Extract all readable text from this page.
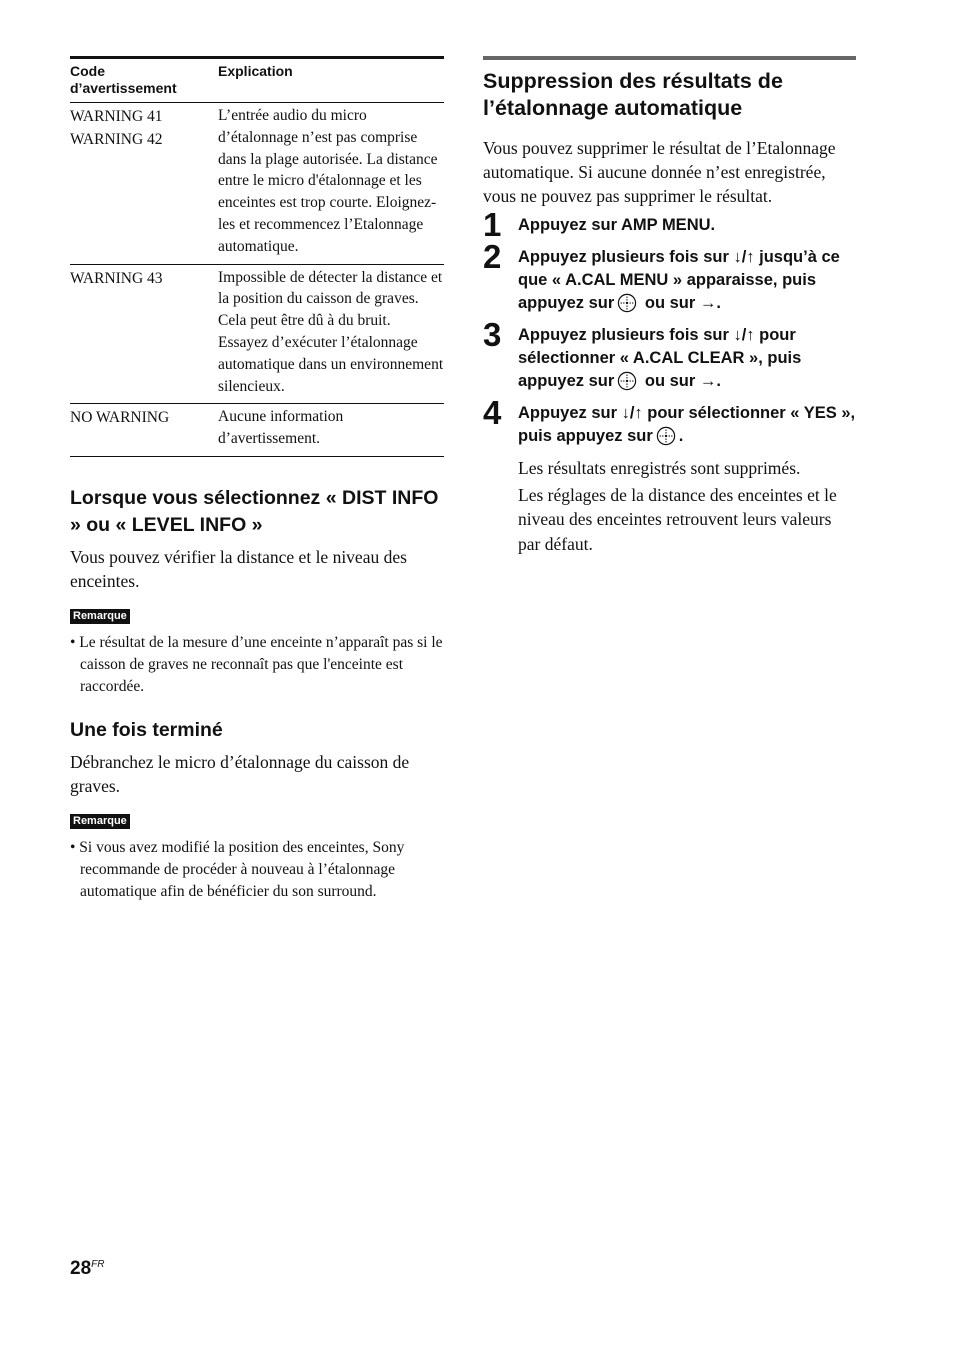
Code
d’avertissement	Explication

WARNING 41
WARNING 42	L’entrée audio du micro d’étalonnage n’est pas comprise dans la plage autorisée. La distance entre le micro d'étalonnage et les enceintes est trop courte. Eloignez-les et recommencez l’Etalonnage automatique.

WARNING 43	Impossible de détecter la distance et la position du caisson de graves. Cela peut être dû à du bruit. Essayez d’exécuter l’étalonnage automatique dans un environnement silencieux.

NO WARNING	Aucune information d’avertissement.
Lorsque vous sélectionnez « DIST INFO » ou « LEVEL INFO »

Vous pouvez vérifier la distance et le niveau des enceintes.

Remarque
• Le résultat de la mesure d’une enceinte n’apparaît pas si le caisson de graves ne reconnaît pas que l'enceinte est raccordée.
Une fois terminé

Débranchez le micro d’étalonnage du caisson de graves.

Remarque
• Si vous avez modifié la position des enceintes, Sony recommande de procéder à nouveau à l’étalonnage automatique afin de bénéficier du son surround.
Suppression des résultats de l’étalonnage automatique

Vous pouvez supprimer le résultat de l’Etalonnage automatique. Si aucune donnée n’est enregistrée, vous ne pouvez pas supprimer le résultat.

1 Appuyez sur AMP MENU.
2 Appuyez plusieurs fois sur ↓/↑ jusqu’à ce que « A.CAL MENU » apparaisse, puis appuyez sur ou sur →.
3 Appuyez plusieurs fois sur ↓/↑ pour sélectionner « A.CAL CLEAR », puis appuyez sur ou sur →.
4 Appuyez sur ↓/↑ pour sélectionner « YES », puis appuyez sur .
Les résultats enregistrés sont supprimés.
Les réglages de la distance des enceintes et le niveau des enceintes retrouvent leurs valeurs par défaut.
$28^{FR}$
